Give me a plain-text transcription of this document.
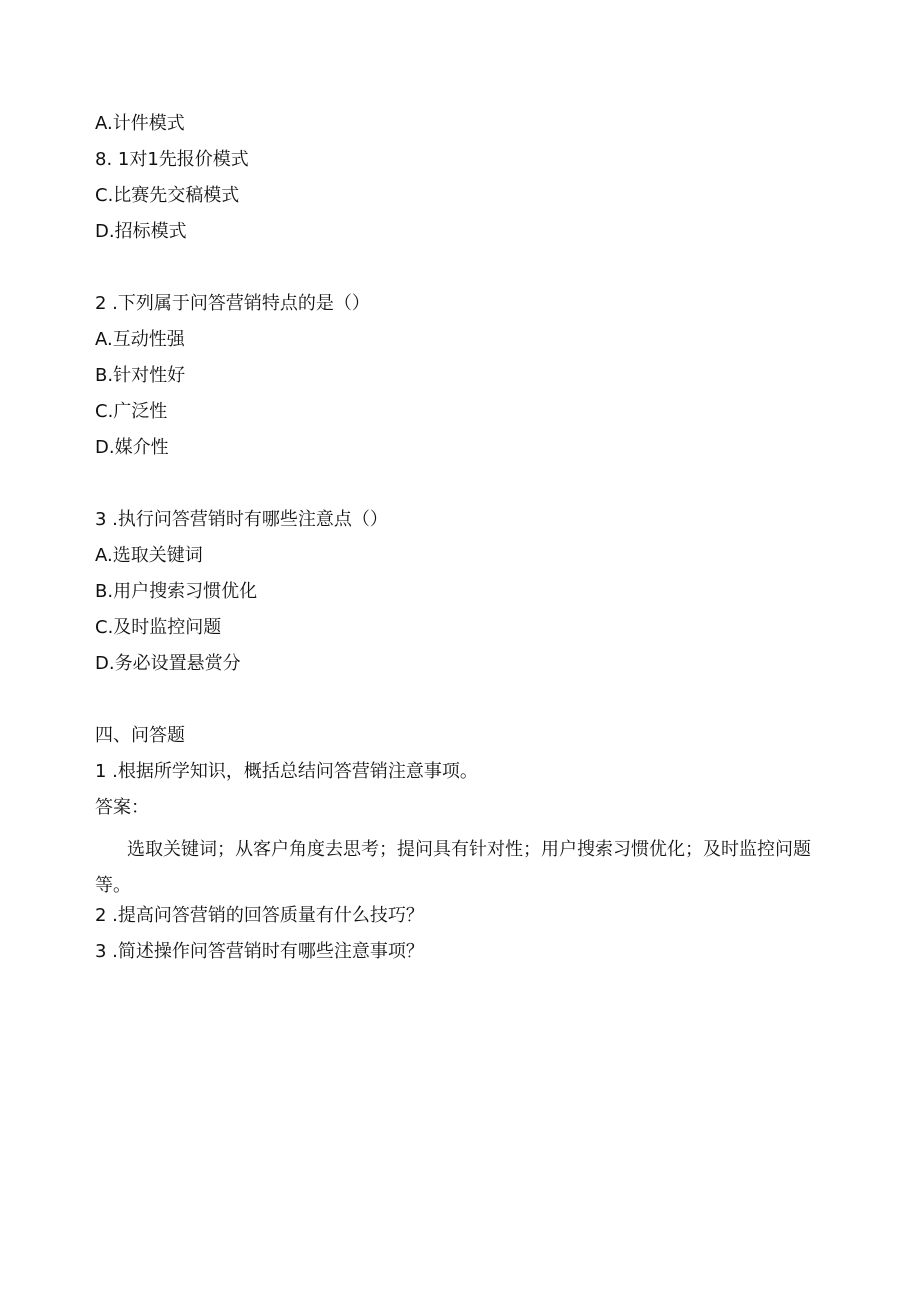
A.计件模式
8. 1对1先报价模式
C.比赛先交稿模式
D.招标模式
2 .下列属于问答营销特点的是（）
A.互动性强
B.针对性好
C.广泛性
D.媒介性
3 .执行问答营销时有哪些注意点（）
A.选取关键词
B.用户搜索习惯优化
C.及时监控问题
D.务必设置悬赏分
四、问答题
1 .根据所学知识，概括总结问答营销注意事项。
答案：
选取关键词；从客户角度去思考；提问具有针对性；用户搜索习惯优化；及时监控问题等。
2 .提高问答营销的回答质量有什么技巧？
3 .简述操作问答营销时有哪些注意事项？
